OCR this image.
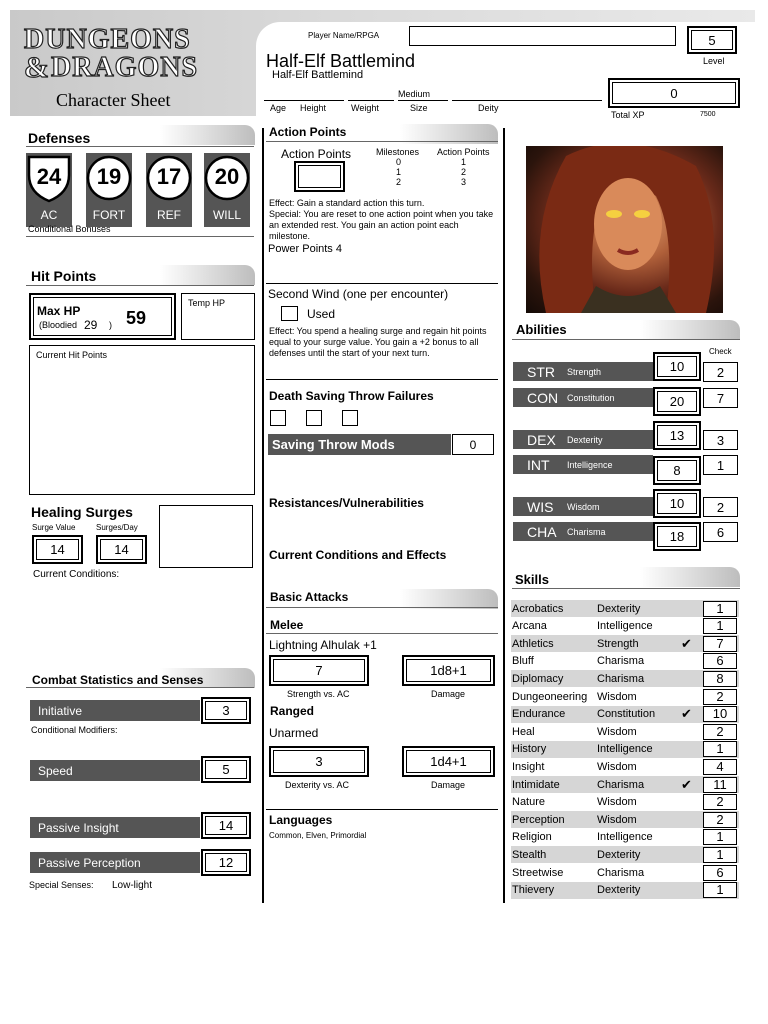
DUNGEONS
& DRAGONS
Character Sheet
Player Name/RPGA
Half-Elf Battlemind
Half-Elf Battlemind
Medium
Age Height	Weight	Size	Deity
5
Level
0
Total XP	7500
Defenses
24
AC
19
FORT
17
REF
20
WILL
Conditional Bonuses
Hit Points
Max HP
(Bloodied 29 ) 59
Temp HP
Current Hit Points
Healing Surges
Surge Value	Surges/Day
14	14
Current Conditions:
Combat Statistics and Senses
Initiative	3
Conditional Modifiers:
Speed	5
Passive Insight	14
Passive Perception	12
Special Senses: Low-light
Action Points
Action Points	Milestones Action Points
0	1
1	2
2	3
Effect: Gain a standard action this turn.
Special: You are reset to one action point when you take an extended rest. You gain an action point each milestone.
Power Points 4
Second Wind (one per encounter)
Used
Effect: You spend a healing surge and regain hit points equal to your surge value. You gain a +2 bonus to all defenses until the start of your next turn.
Death Saving Throw Failures
Saving Throw Mods	0
Resistances/Vulnerabilities
Current Conditions and Effects
Basic Attacks
Melee
Lightning Alhulak +1
7	1d8+1
Strength vs. AC	Damage
Ranged
Unarmed
3	1d4+1
Dexterity vs. AC	Damage
Languages
Common, Elven, Primordial
Abilities
Check
STR	Strength	10	2
CON Constitution	20	7
DEX	Dexterity	13	3
INT	Intelligence	8	1
WIS	Wisdom	10	2
CHA	Charisma	18	6
Skills
Acrobatics	Dexterity	1
Arcana	Intelligence	1
Athletics	Strength	✔	7
Bluff	Charisma	6
Diplomacy	Charisma	8
Dungeoneering Wisdom	2
Endurance	Constitution	✔	10
Heal	Wisdom	2
History	Intelligence	1
Insight	Wisdom	4
Intimidate	Charisma	✔	11
Nature	Wisdom	2
Perception	Wisdom	2
Religion	Intelligence	1
Stealth	Dexterity	1
Streetwise	Charisma	6
Thievery	Dexterity	1
